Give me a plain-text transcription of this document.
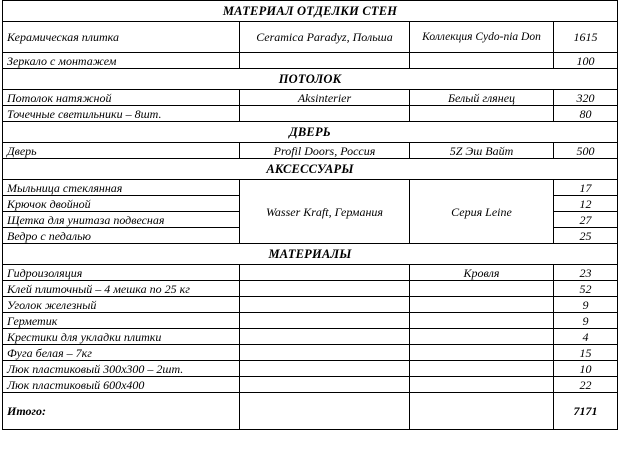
МАТЕРИАЛ ОТДЕЛКИ СТЕН			
Керамическая плитка	Ceramica Paradyz, Польша	Коллекция Cydo-nia Don	1615
Зеркало с монтажем			100
ПОТОЛОК			
Потолок натяжной	Aksinterier	Белый глянец	320
Точечные светильники – 8шт.			80
ДВЕРЬ			
Дверь	Profil Doors, Россия	5Z Эш Вайт	500
АКСЕССУАРЫ			
Мыльница стеклянная	Wasser Kraft, Германия	Серия Leine	17
Крючок двойной			12
Щетка для унитаза подвесная			27
Ведро с педалью			25
МАТЕРИАЛЫ			
Гидроизоляция		Кровля	23
Клей плиточный – 4 мешка по 25 кг			52
Уголок железный			9
Герметик			9
Крестики для укладки плитки			4
Фуга белая – 7кг			15
Люк пластиковый 300x300 – 2шт.			10
Люк пластиковый 600x400			22
Итого:			7171
